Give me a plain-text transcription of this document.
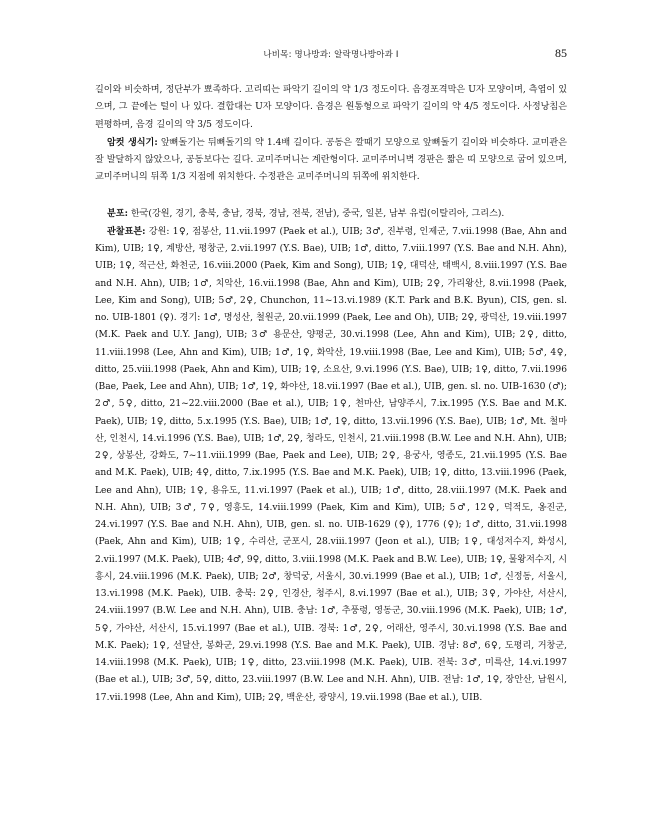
나비목: 명나방과: 알락명나방아과 I	85

길이와 비슷하며, 정단부가 뾰족하다. 고리띠는 파악기 길이의 약 1/3 정도이다. 음경포격막은 U자 모양이며, 측엽이 있으며, 그 끝에는 털이 나 있다. 결합대는 U자 모양이다. 음경은 원통형으로 파악기 길이의 약 4/5 정도이다. 사정낭침은 편평하며, 음경 길이의 약 3/5 정도이다.

암컷 생식기: 앞뼈돌기는 뒤뼈돌기의 약 1.4배 길이다. 공동은 깔때기 모양으로 앞뼈돌기 길이와 비슷하다. 교미관은 잘 발달하지 않았으나, 공동보다는 길다. 교미주머니는 계란형이다. 교미주머니벽 경판은 짧은 띠 모양으로 굽어 있으며, 교미주머니의 뒤쪽 1/3 지점에 위치한다. 수정관은 교미주머니의 뒤쪽에 위치한다.

분포: 한국(강원, 경기, 충북, 충남, 경북, 경남, 전북, 전남), 중국, 일본, 남부 유럽(이탈리아, 그리스).

관찰표본: 강원: 1♀, 점봉산, 11.vii.1997 (Paek et al.), UIB; 3♂, 진부령, 인제군, 7.vii.1998 (Bae, Ahn and Kim), UIB; 1♀, 계방산, 평창군, 2.vii.1997 (Y.S. Bae), UIB; 1♂, ditto, 7.viii.1997 (Y.S. Bae and N.H. Ahn), UIB; 1♀, 적근산, 화천군, 16.viii.2000 (Paek, Kim and Song), UIB; 1♀, 대덕산, 태백시, 8.viii.1997 (Y.S. Bae and N.H. Ahn), UIB; 1♂, 치악산, 16.vii.1998 (Bae, Ahn and Kim), UIB; 2♀, 가리왕산, 8.vii.1998 (Paek, Lee, Kim and Song), UIB; 5♂, 2♀, Chunchon, 11~13.vi.1989 (K.T. Park and B.K. Byun), CIS, gen. sl. no. UIB-1801 (♀). 경기: 1♂, 명성산, 철원군, 20.vii.1999 (Paek, Lee and Oh), UIB; 2♀, 광덕산, 19.viii.1997 (M.K. Paek and U.Y. Jang), UIB; 3♂ 용문산, 양평군, 30.vi.1998 (Lee, Ahn and Kim), UIB; 2♀, ditto, 11.viii.1998 (Lee, Ahn and Kim), UIB; 1♂, 1♀, 화악산, 19.viii.1998 (Bae, Lee and Kim), UIB; 5♂, 4♀, ditto, 25.viii.1998 (Paek, Ahn and Kim), UIB; 1♀, 소요산, 9.vi.1996 (Y.S. Bae), UIB; 1♀, ditto, 7.vii.1996 (Bae, Paek, Lee and Ahn), UIB; 1♂, 1♀, 화야산, 18.vii.1997 (Bae et al.), UIB, gen. sl. no. UIB-1630 (♂); 2♂, 5♀, ditto, 21~22.viii.2000 (Bae et al.), UIB; 1♀, 천마산, 남양주시, 7.ix.1995 (Y.S. Bae and M.K. Paek), UIB; 1♀, ditto, 5.x.1995 (Y.S. Bae), UIB; 1♂, 1♀, ditto, 13.vii.1996 (Y.S. Bae), UIB; 1♂, Mt. 철마산, 인천시, 14.vi.1996 (Y.S. Bae), UIB; 1♂, 2♀, 청라도, 인천시, 21.viii.1998 (B.W. Lee and N.H. Ahn), UIB; 2♀, 상봉산, 강화도, 7~11.viii.1999 (Bae, Paek and Lee), UIB; 2♀, 용궁사, 영종도, 21.vii.1995 (Y.S. Bae and M.K. Paek), UIB; 4♀, ditto, 7.ix.1995 (Y.S. Bae and M.K. Paek), UIB; 1♀, ditto, 13.viii.1996 (Paek, Lee and Ahn), UIB; 1♀, 용유도, 11.vi.1997 (Paek et al.), UIB; 1♂, ditto, 28.viii.1997 (M.K. Paek and N.H. Ahn), UIB; 3♂, 7♀, 영흥도, 14.viii.1999 (Paek, Kim and Kim), UIB; 5♂, 12♀, 덕적도, 옹진군, 24.vi.1997 (Y.S. Bae and N.H. Ahn), UIB, gen. sl. no. UIB-1629 (♀), 1776 (♀); 1♂, ditto, 31.vii.1998 (Paek, Ahn and Kim), UIB; 1♀, 수리산, 군포시, 28.viii.1997 (Jeon et al.), UIB; 1♀, 대성저수지, 화성시, 2.vii.1997 (M.K. Paek), UIB; 4♂, 9♀, ditto, 3.viii.1998 (M.K. Paek and B.W. Lee), UIB; 1♀, 물왕저수지, 시흥시, 24.viii.1996 (M.K. Paek), UIB; 2♂, 창덕궁, 서울시, 30.vi.1999 (Bae et al.), UIB; 1♂, 신정동, 서울시, 13.vi.1998 (M.K. Paek), UIB. 충북: 2♀, 인경산, 청주시, 8.vi.1997 (Bae et al.), UIB; 3♀, 가야산, 서산시, 24.viii.1997 (B.W. Lee and N.H. Ahn), UIB. 충남: 1♂, 추풍령, 영동군, 30.viii.1996 (M.K. Paek), UIB; 1♂, 5♀, 가야산, 서산시, 15.vi.1997 (Bae et al.), UIB. 경북: 1♂, 2♀, 어래산, 영주시, 30.vi.1998 (Y.S. Bae and M.K. Paek); 1♀, 선달산, 봉화군, 29.vi.1998 (Y.S. Bae and M.K. Paek), UIB. 경남: 8♂, 6♀, 도평리, 거창군, 14.viii.1998 (M.K. Paek), UIB; 1♀, ditto, 23.viii.1998 (M.K. Paek), UIB. 전북: 3♂, 미륵산, 14.vi.1997 (Bae et al.), UIB; 3♂, 5♀, ditto, 23.viii.1997 (B.W. Lee and N.H. Ahn), UIB. 전남: 1♂, 1♀, 장안산, 남원시, 17.vii.1998 (Lee, Ahn and Kim), UIB; 2♀, 백운산, 광양시, 19.vii.1998 (Bae et al.), UIB.
